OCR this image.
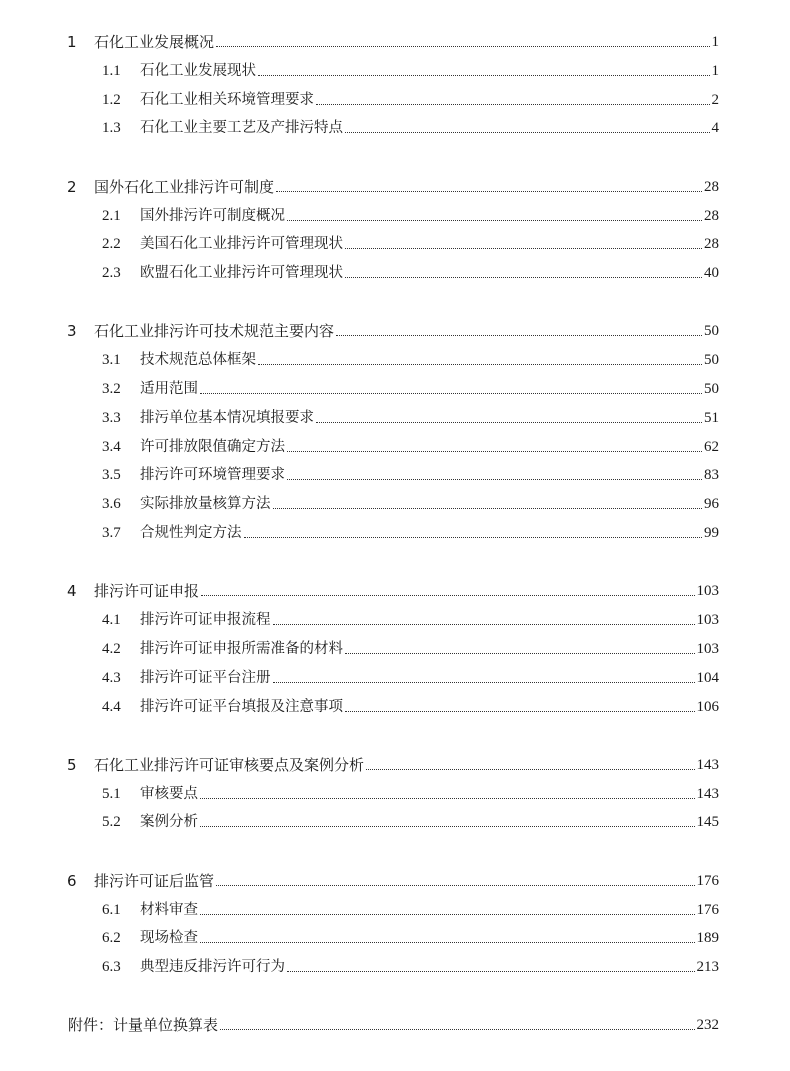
1 石化工业发展概况	1
1.1 石化工业发展现状	1
1.2 石化工业相关环境管理要求	2
1.3 石化工业主要工艺及产排污特点	4
2 国外石化工业排污许可制度	28
2.1 国外排污许可制度概况	28
2.2 美国石化工业排污许可管理现状	28
2.3 欧盟石化工业排污许可管理现状	40
3 石化工业排污许可技术规范主要内容	50
3.1 技术规范总体框架	50
3.2 适用范围	50
3.3 排污单位基本情况填报要求	51
3.4 许可排放限值确定方法	62
3.5 排污许可环境管理要求	83
3.6 实际排放量核算方法	96
3.7 合规性判定方法	99
4 排污许可证申报	103
4.1 排污许可证申报流程	103
4.2 排污许可证申报所需准备的材料	103
4.3 排污许可证平台注册	104
4.4 排污许可证平台填报及注意事项	106
5 石化工业排污许可证审核要点及案例分析	143
5.1 审核要点	143
5.2 案例分析	145
6 排污许可证后监管	176
6.1 材料审查	176
6.2 现场检查	189
6.3 典型违反排污许可行为	213
附件：计量单位换算表	232
